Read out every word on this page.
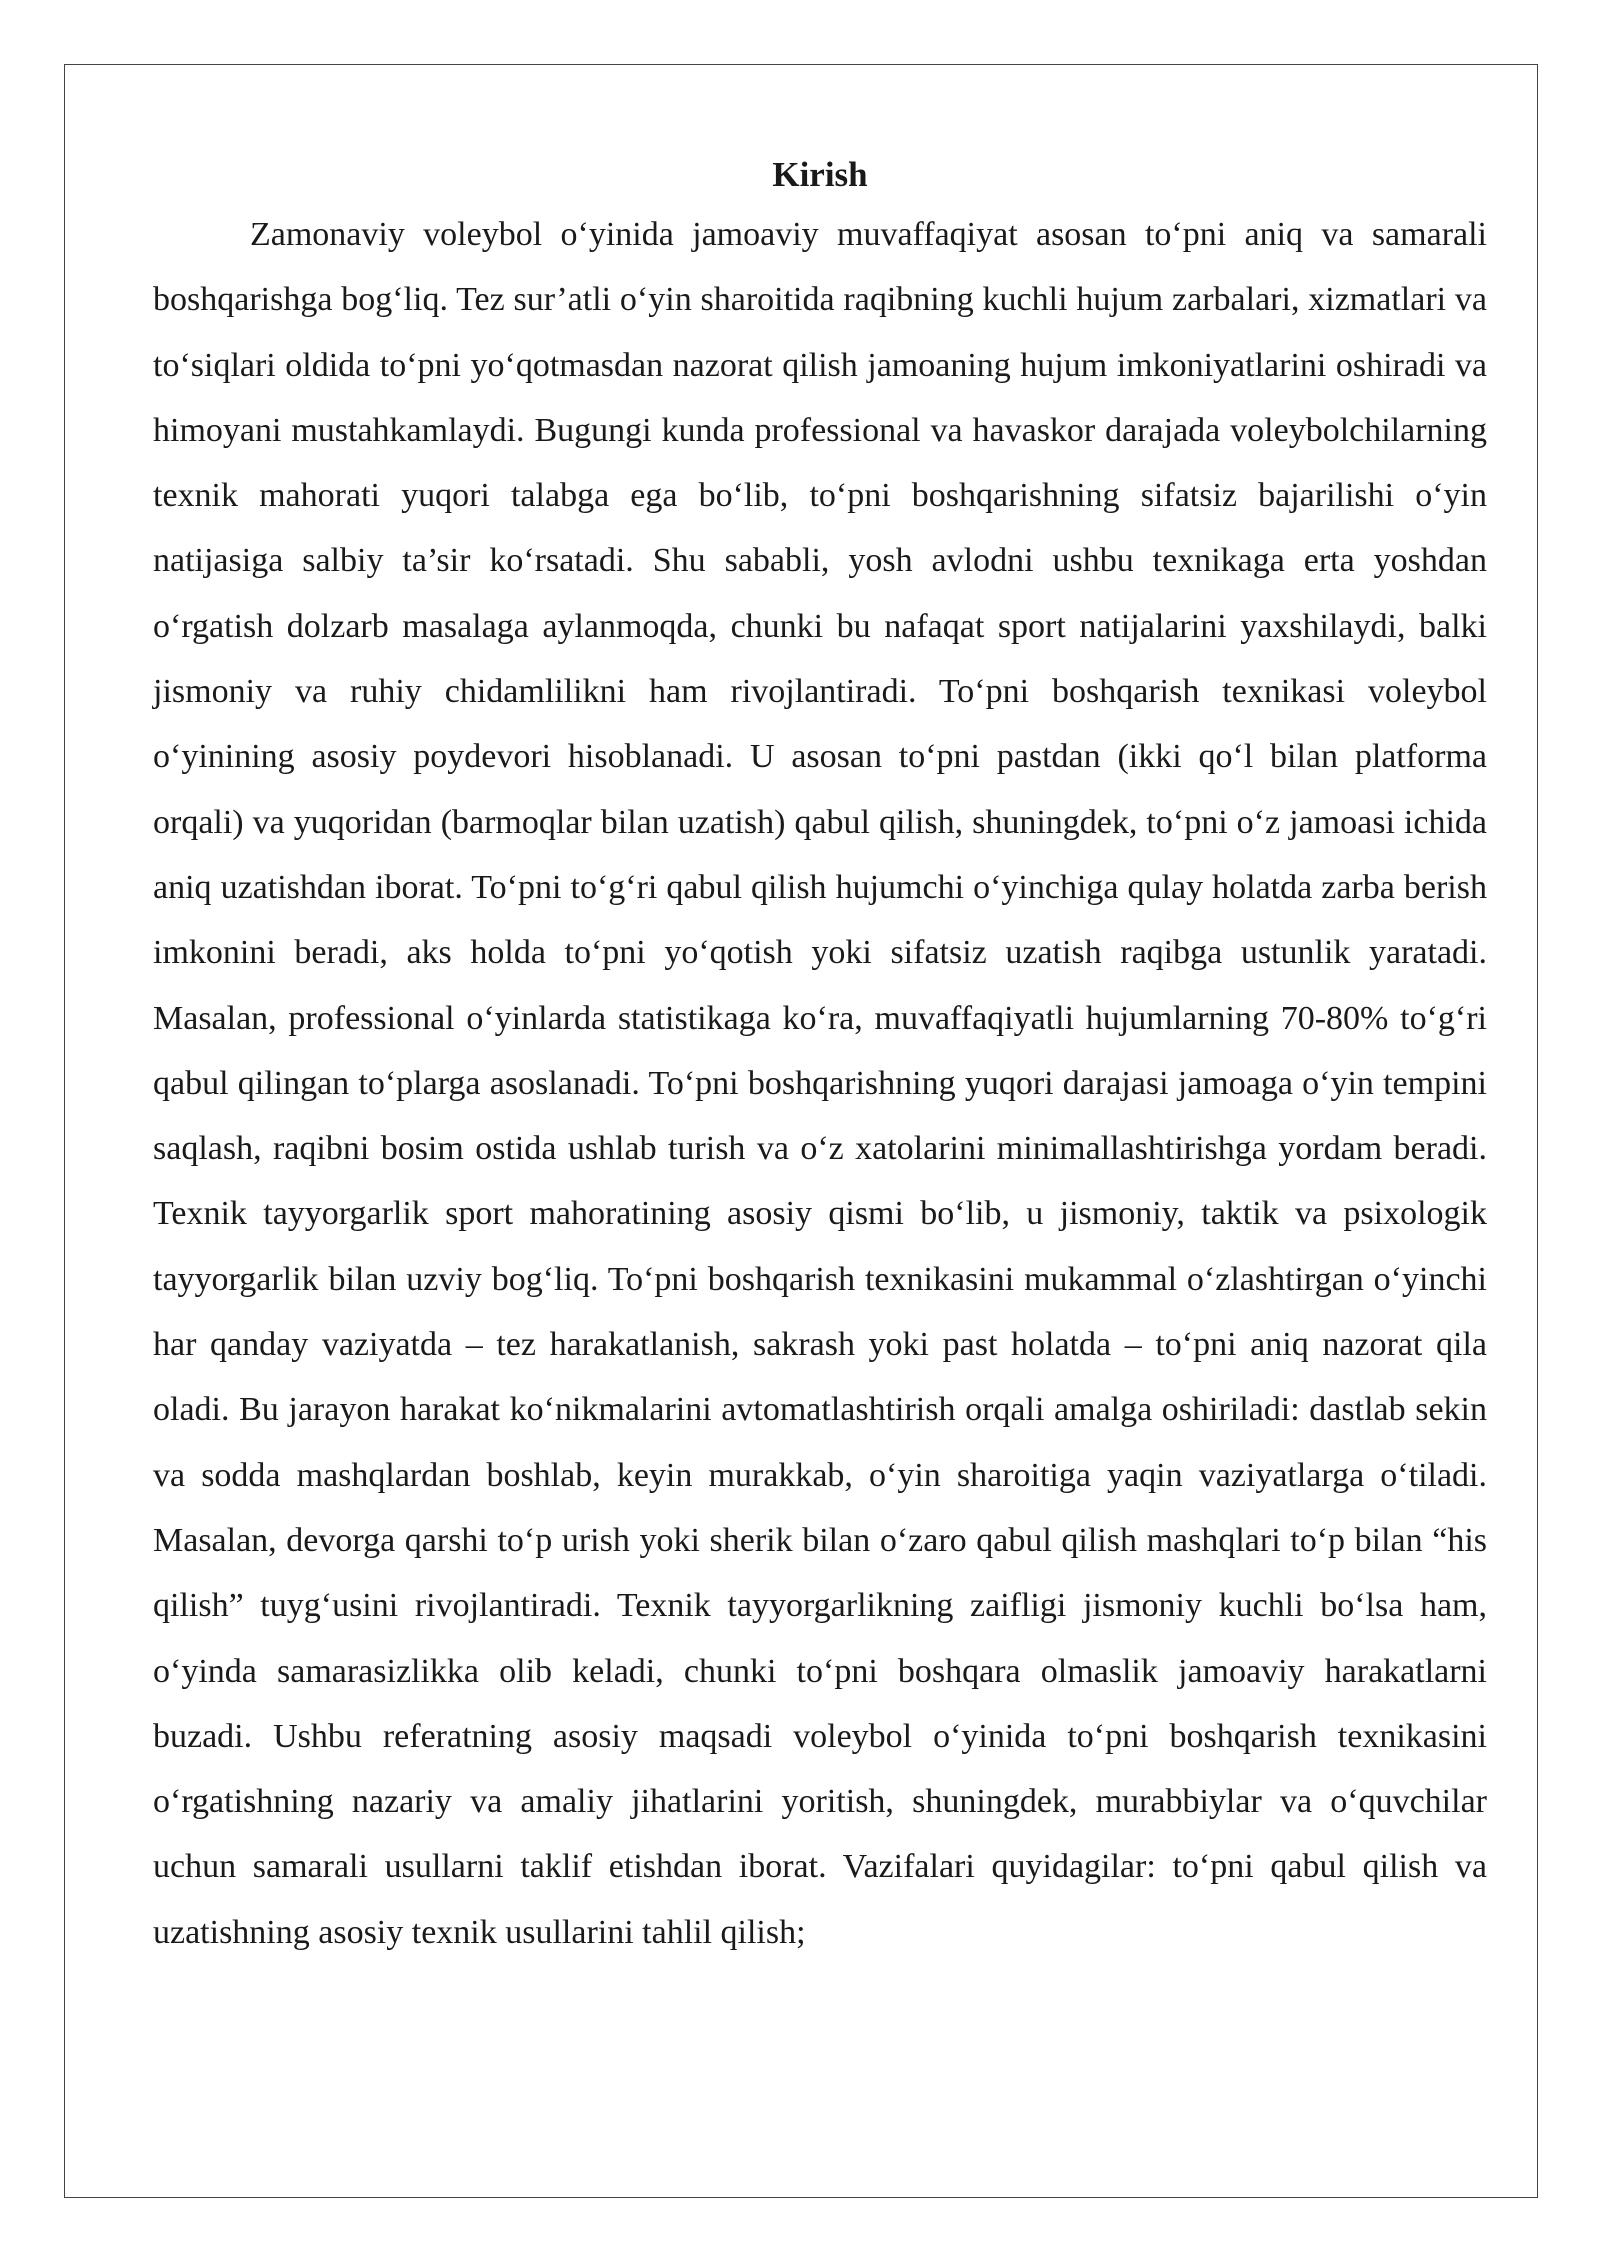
Kirish

Zamonaviy voleybol o‘yinida jamoaviy muvaffaqiyat asosan to‘pni aniq va samarali boshqarishga bog‘liq. Tez sur’atli o‘yin sharoitida raqibning kuchli hujum zarbalari, xizmatlari va to‘siqlari oldida to‘pni yo‘qotmasdan nazorat qilish jamoaning hujum imkoniyatlarini oshiradi va himoyani mustahkamlaydi. Bugungi kunda professional va havaskor darajada voleybolchilarning texnik mahorati yuqori talabga ega bo‘lib, to‘pni boshqarishning sifatsiz bajarilishi o‘yin natijasiga salbiy ta’sir ko‘rsatadi. Shu sababli, yosh avlodni ushbu texnikaga erta yoshdan o‘rgatish dolzarb masalaga aylanmoqda, chunki bu nafaqat sport natijalarini yaxshilaydi, balki jismoniy va ruhiy chidamlilikni ham rivojlantiradi. To‘pni boshqarish texnikasi voleybol o‘yinining asosiy poydevori hisoblanadi. U asosan to‘pni pastdan (ikki qo‘l bilan platforma orqali) va yuqoridan (barmoqlar bilan uzatish) qabul qilish, shuningdek, to‘pni o‘z jamoasi ichida aniq uzatishdan iborat. To‘pni to‘g‘ri qabul qilish hujumchi o‘yinchiga qulay holatda zarba berish imkonini beradi, aks holda to‘pni yo‘qotish yoki sifatsiz uzatish raqibga ustunlik yaratadi. Masalan, professional o‘yinlarda statistikaga ko‘ra, muvaffaqiyatli hujumlarning 70-80% to‘g‘ri qabul qilingan to‘plarga asoslanadi. To‘pni boshqarishning yuqori darajasi jamoaga o‘yin tempini saqlash, raqibni bosim ostida ushlab turish va o‘z xatolarini minimallashtirishga yordam beradi. Texnik tayyorgarlik sport mahoratining asosiy qismi bo‘lib, u jismoniy, taktik va psixologik tayyorgarlik bilan uzviy bog‘liq. To‘pni boshqarish texnikasini mukammal o‘zlashtirgan o‘yinchi har qanday vaziyatda – tez harakatlanish, sakrash yoki past holatda – to‘pni aniq nazorat qila oladi. Bu jarayon harakat ko‘nikmalarini avtomatlashtirish orqali amalga oshiriladi: dastlab sekin va sodda mashqlardan boshlab, keyin murakkab, o‘yin sharoitiga yaqin vaziyatlarga o‘tiladi. Masalan, devorga qarshi to‘p urish yoki sherik bilan o‘zaro qabul qilish mashqlari to‘p bilan “his qilish” tuyg‘usini rivojlantiradi. Texnik tayyorgarlikning zaifligi jismoniy kuchli bo‘lsa ham, o‘yinda samarasizlikka olib keladi, chunki to‘pni boshqara olmaslik jamoaviy harakatlarni buzadi. Ushbu referatning asosiy maqsadi voleybol o‘yinida to‘pni boshqarish texnikasini o‘rgatishning nazariy va amaliy jihatlarini yoritish, shuningdek, murabbiylar va o‘quvchilar uchun samarali usullarni taklif etishdan iborat. Vazifalari quyidagilar: to‘pni qabul qilish va uzatishning asosiy texnik usullarini tahlil qilish;
